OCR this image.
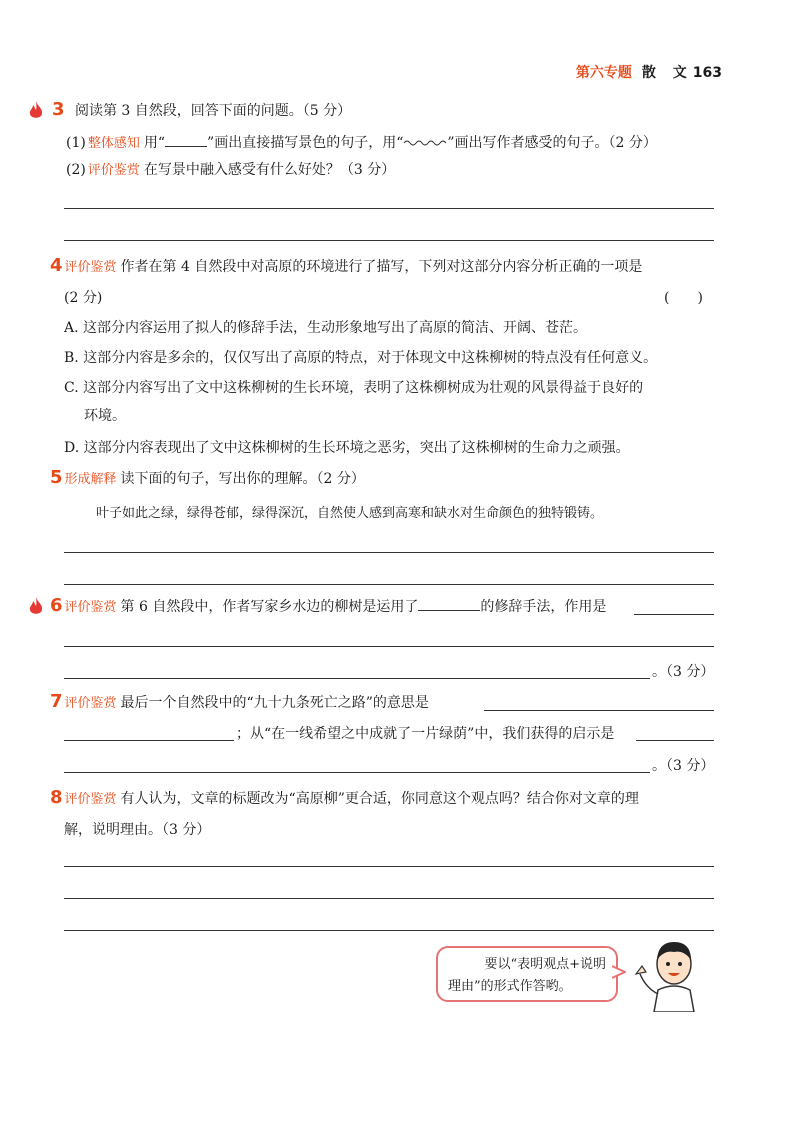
第六专题 散 文163
3 阅读第 3 自然段，回答下面的问题。（5 分）
(1) 整体感知 用“	”画出直接描写景色的句子，用“	”画出写作者感受的句子。（2 分）
(2) 评价鉴赏 在写景中融入感受有什么好处？（3 分）
4 评价鉴赏 作者在第 4 自然段中对高原的环境进行了描写，下列对这部分内容分析正确的一项是
(2 分)	(　　)
A. 这部分内容运用了拟人的修辞手法，生动形象地写出了高原的简洁、开阔、苍茫。
B. 这部分内容是多余的，仅仅写出了高原的特点，对于体现文中这株柳树的特点没有任何意义。
C. 这部分内容写出了文中这株柳树的生长环境，表明了这株柳树成为壮观的风景得益于良好的
环境。
D. 这部分内容表现出了文中这株柳树的生长环境之恶劣，突出了这株柳树的生命力之顽强。
5 形成解释 读下面的句子，写出你的理解。（2 分）
叶子如此之绿，绿得苍郁，绿得深沉，自然使人感到高寒和缺水对生命颜色的独特锻铸。
6 评价鉴赏 第 6 自然段中，作者写家乡水边的柳树是运用了	的修辞手法，作用是
。（3 分）
7 评价鉴赏 最后一个自然段中的“九十九条死亡之路”的意思是
；从“在一线希望之中成就了一片绿荫”中，我们获得的启示是
。（3 分）
8 评价鉴赏 有人认为，文章的标题改为“高原柳”更合适，你同意这个观点吗？结合你对文章的理
解，说明理由。（3 分）
要以“表明观点+说明
理由”的形式作答哟。
